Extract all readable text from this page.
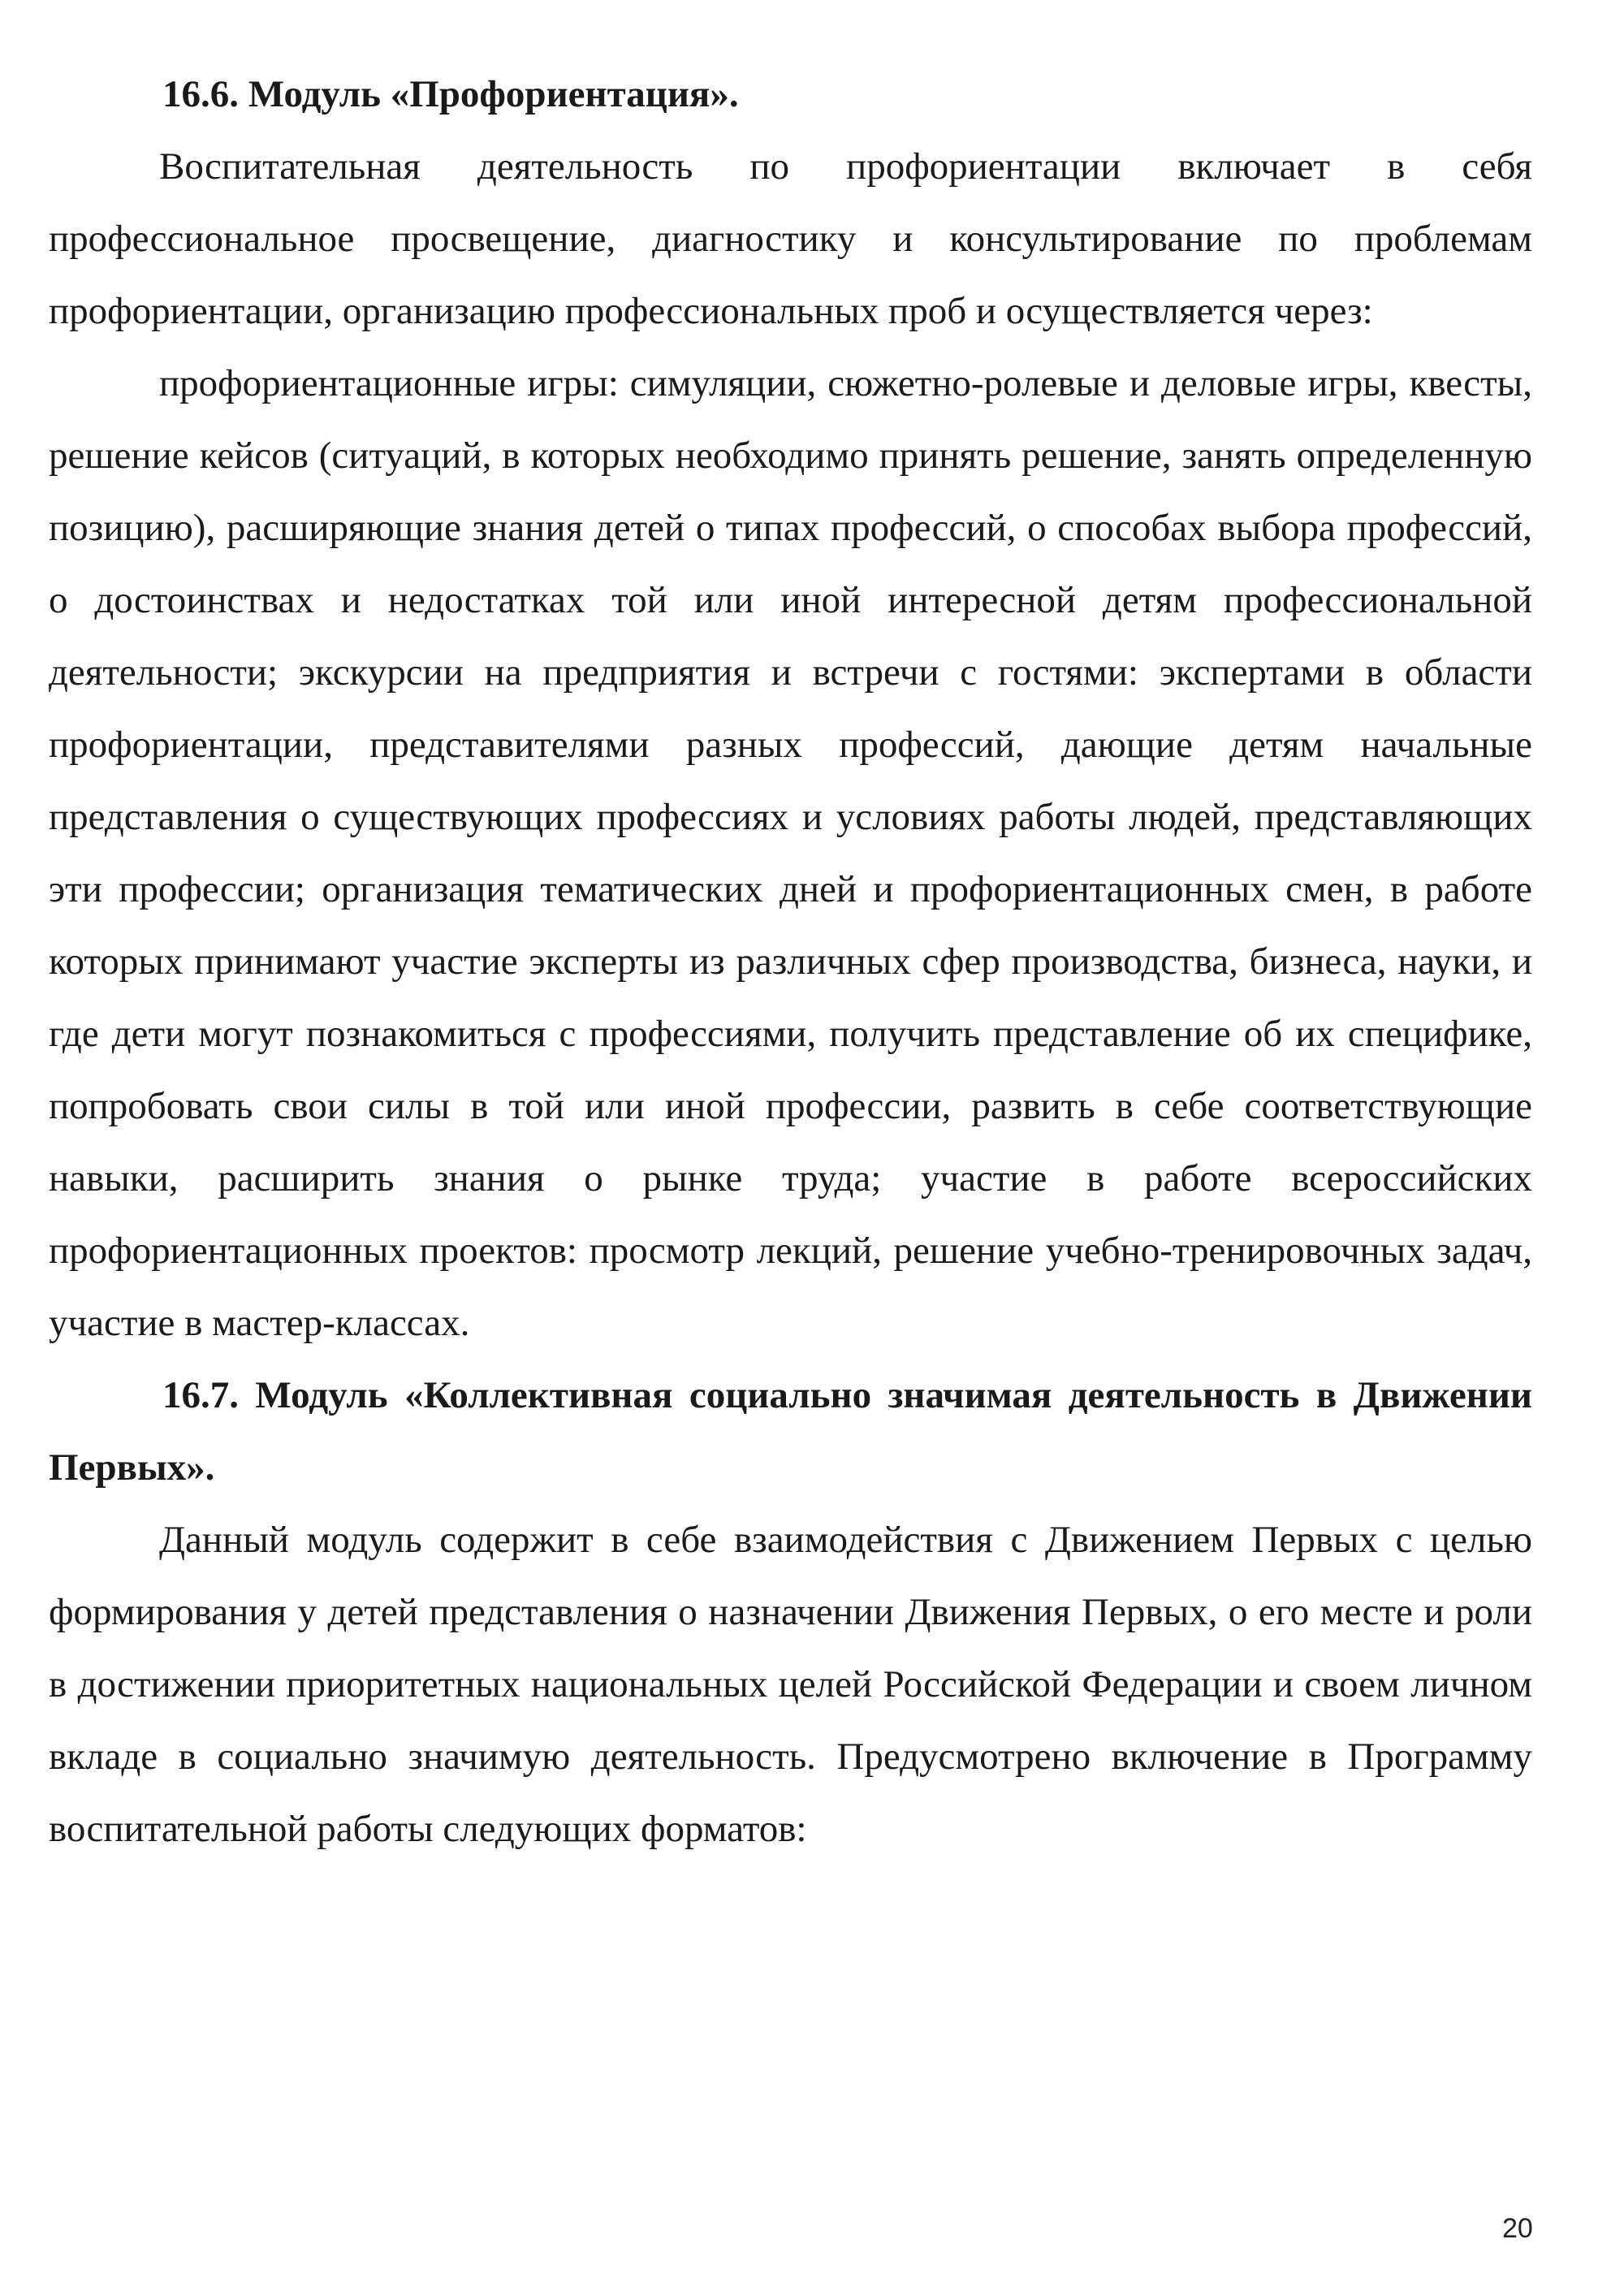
16.6. Модуль «Профориентация».

Воспитательная деятельность по профориентации включает в себя профессиональное просвещение, диагностику и консультирование по проблемам профориентации, организацию профессиональных проб и осуществляется через:

профориентационные игры: симуляции, сюжетно-ролевые и деловые игры, квесты, решение кейсов (ситуаций, в которых необходимо принять решение, занять определенную позицию), расширяющие знания детей о типах профессий, о способах выбора профессий, о достоинствах и недостатках той или иной интересной детям профессиональной деятельности; экскурсии на предприятия и встречи с гостями: экспертами в области профориентации, представителями разных профессий, дающие детям начальные представления о существующих профессиях и условиях работы людей, представляющих эти профессии; организация тематических дней и профориентационных смен, в работе которых принимают участие эксперты из различных сфер производства, бизнеса, науки, и где дети могут познакомиться с профессиями, получить представление об их специфике, попробовать свои силы в той или иной профессии, развить в себе соответствующие навыки, расширить знания о рынке труда; участие в работе всероссийских профориентационных проектов: просмотр лекций, решение учебно-тренировочных задач, участие в мастер-классах.

16.7. Модуль «Коллективная социально значимая деятельность в Движении Первых».

Данный модуль содержит в себе взаимодействия с Движением Первых с целью формирования у детей представления о назначении Движения Первых, о его месте и роли в достижении приоритетных национальных целей Российской Федерации и своем личном вкладе в социально значимую деятельность. Предусмотрено включение в Программу воспитательной работы следующих форматов:

20
